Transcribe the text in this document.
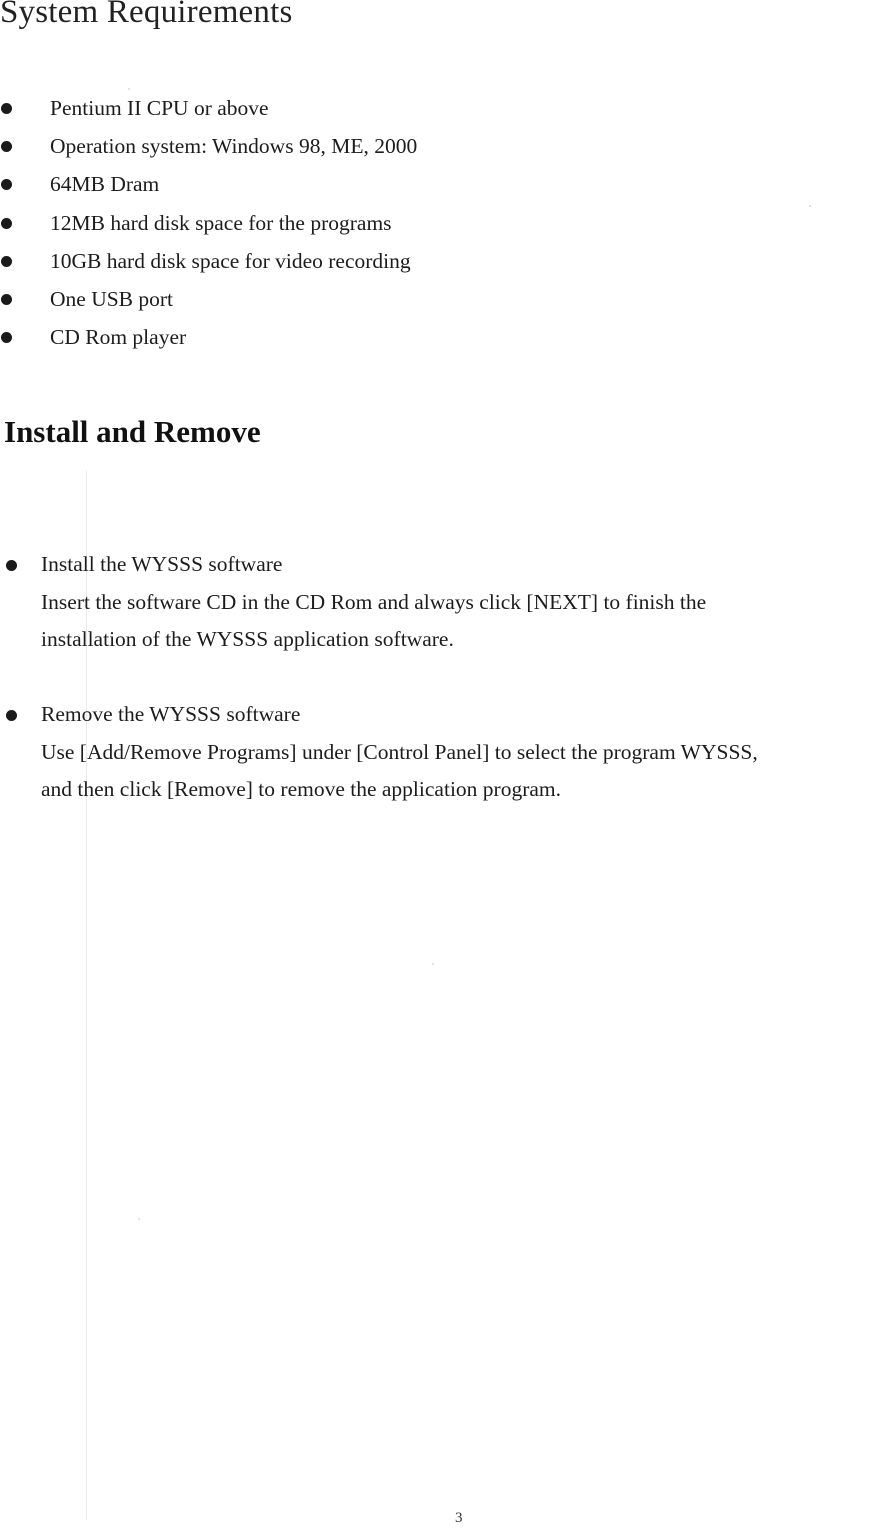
System Requirements
Pentium II CPU or above
Operation system: Windows 98, ME, 2000
64MB Dram
12MB hard disk space for the programs
10GB hard disk space for video recording
One USB port
CD Rom player
Install and Remove
Install the WYSSS software
Insert the software CD in the CD Rom and always click [NEXT] to finish the
installation of the WYSSS application software.
Remove the WYSSS software
Use [Add/Remove Programs] under [Control Panel] to select the program WYSSS,
and then click [Remove] to remove the application program.
3
